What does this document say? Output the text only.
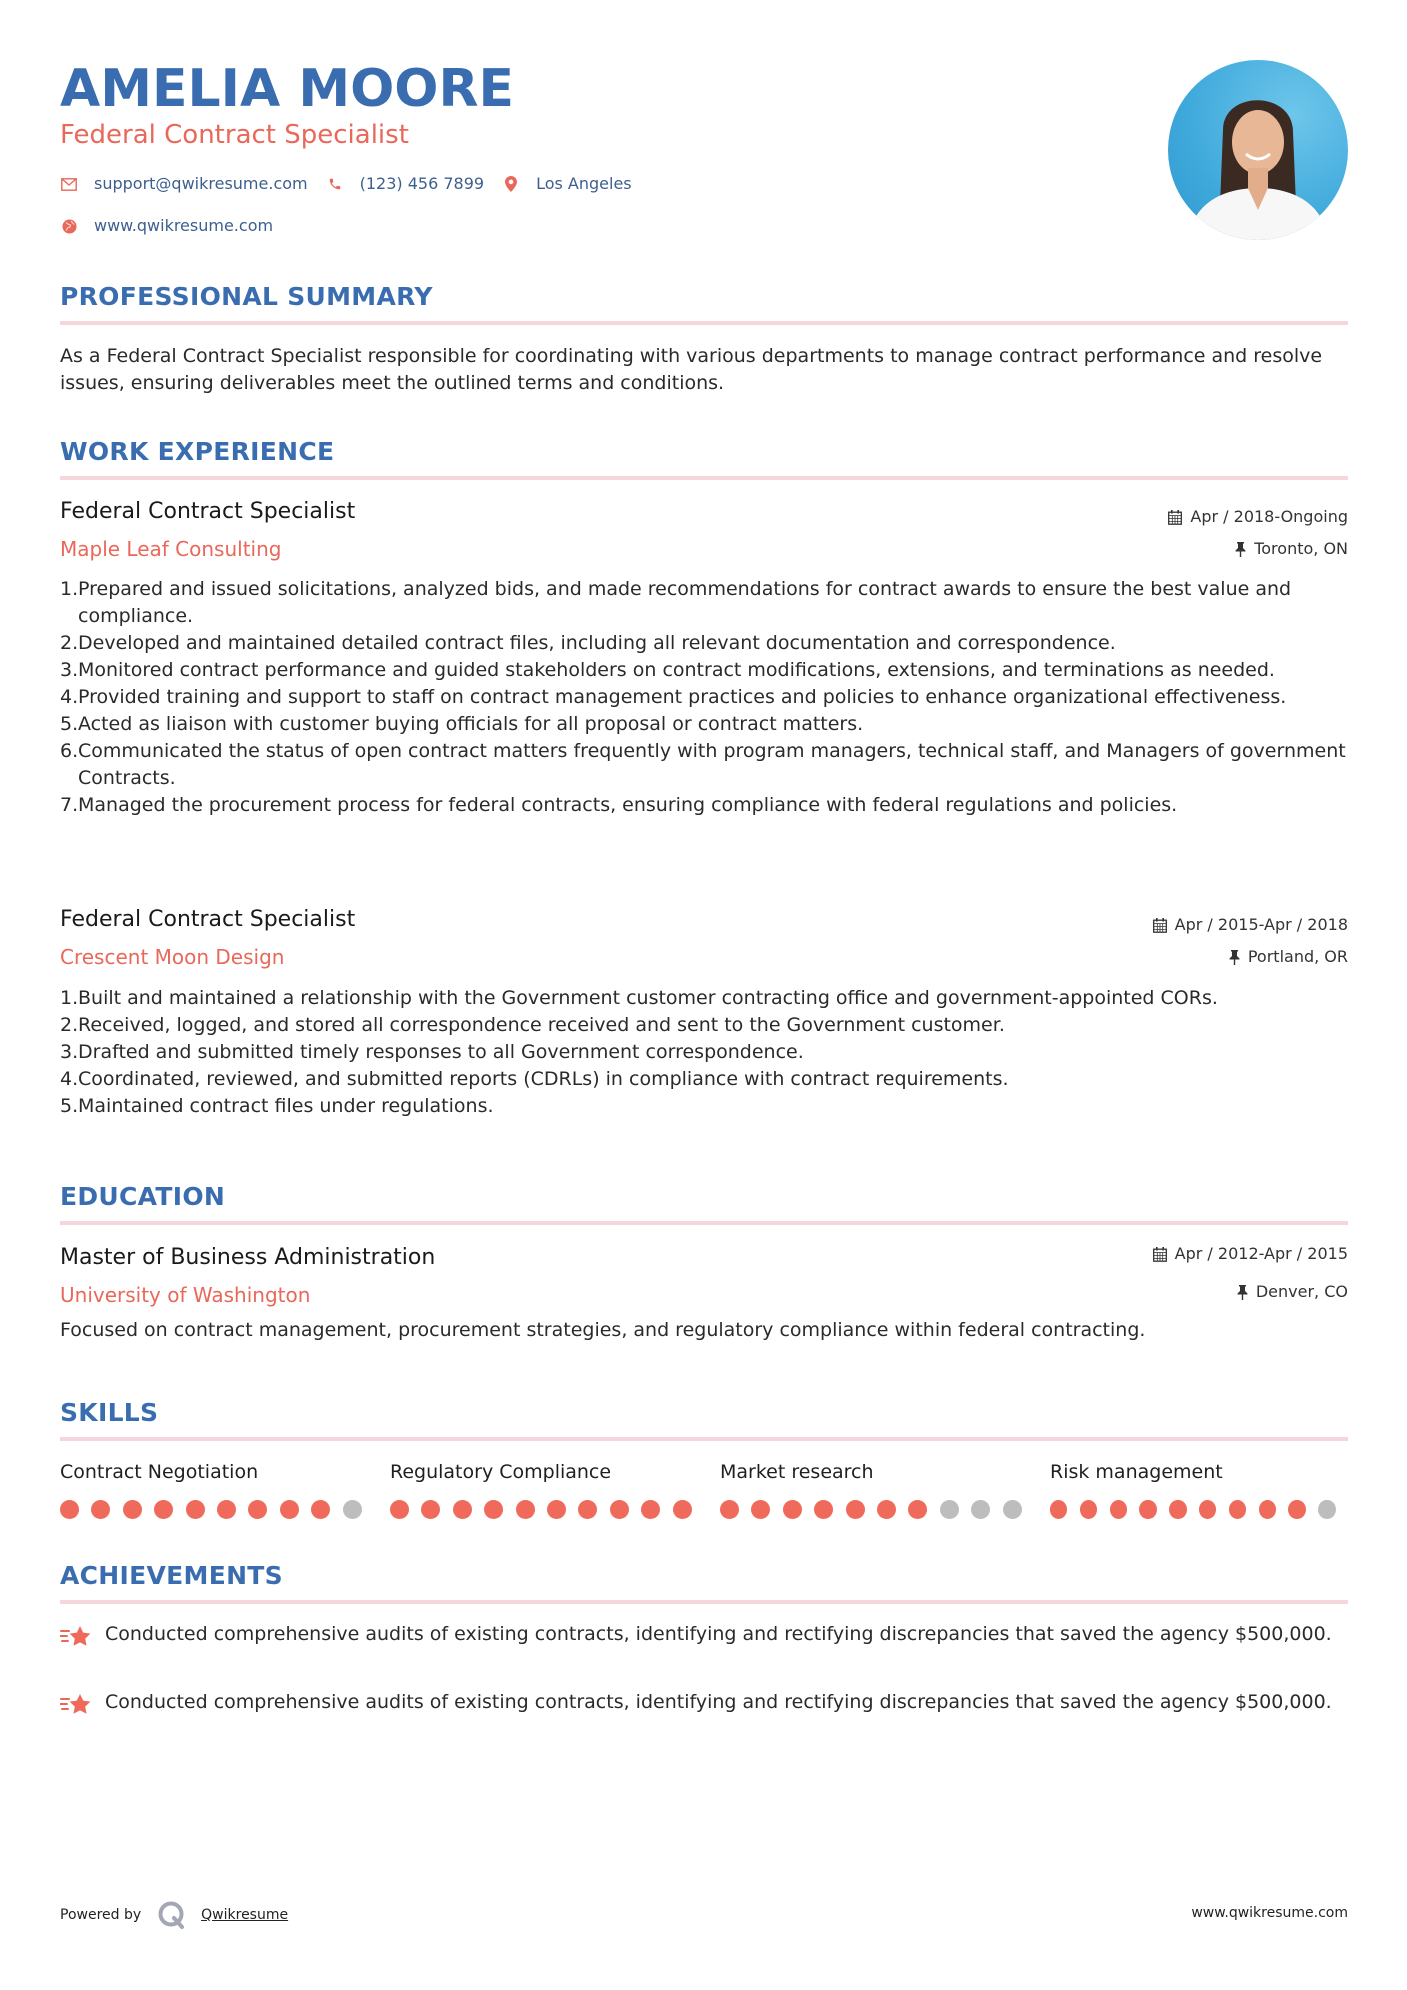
AMELIA MOORE
Federal Contract Specialist
support@qwikresume.com	(123) 456 7899	Los Angeles
www.qwikresume.com
PROFESSIONAL SUMMARY
As a Federal Contract Specialist responsible for coordinating with various departments to manage contract performance and resolve issues, ensuring deliverables meet the outlined terms and conditions.
WORK EXPERIENCE
Federal Contract Specialist	Apr / 2018-Ongoing
Maple Leaf Consulting	Toronto, ON
1.
Prepared and issued solicitations, analyzed bids, and made recommendations for contract awards to ensure the best value and compliance.
2.
Developed and maintained detailed contract files, including all relevant documentation and correspondence.
3.
Monitored contract performance and guided stakeholders on contract modifications, extensions, and terminations as needed.
4.
Provided training and support to staff on contract management practices and policies to enhance organizational effectiveness.
5.
Acted as liaison with customer buying officials for all proposal or contract matters.
6.
Communicated the status of open contract matters frequently with program managers, technical staff, and Managers of government Contracts.
7.
Managed the procurement process for federal contracts, ensuring compliance with federal regulations and policies.
Federal Contract Specialist	Apr / 2015-Apr / 2018
Crescent Moon Design	Portland, OR
1.
Built and maintained a relationship with the Government customer contracting office and government-appointed CORs.
2.
Received, logged, and stored all correspondence received and sent to the Government customer.
3.
Drafted and submitted timely responses to all Government correspondence.
4.
Coordinated, reviewed, and submitted reports (CDRLs) in compliance with contract requirements.
5.
Maintained contract files under regulations.
EDUCATION
Master of Business Administration	Apr / 2012-Apr / 2015
University of Washington	Denver, CO
Focused on contract management, procurement strategies, and regulatory compliance within federal contracting.
SKILLS
Contract Negotiation	Regulatory Compliance	Market research	Risk management
ACHIEVEMENTS
Conducted comprehensive audits of existing contracts, identifying and rectifying discrepancies that saved the agency $500,000.
Conducted comprehensive audits of existing contracts, identifying and rectifying discrepancies that saved the agency $500,000.
Powered by	Qwikresume	www.qwikresume.com
